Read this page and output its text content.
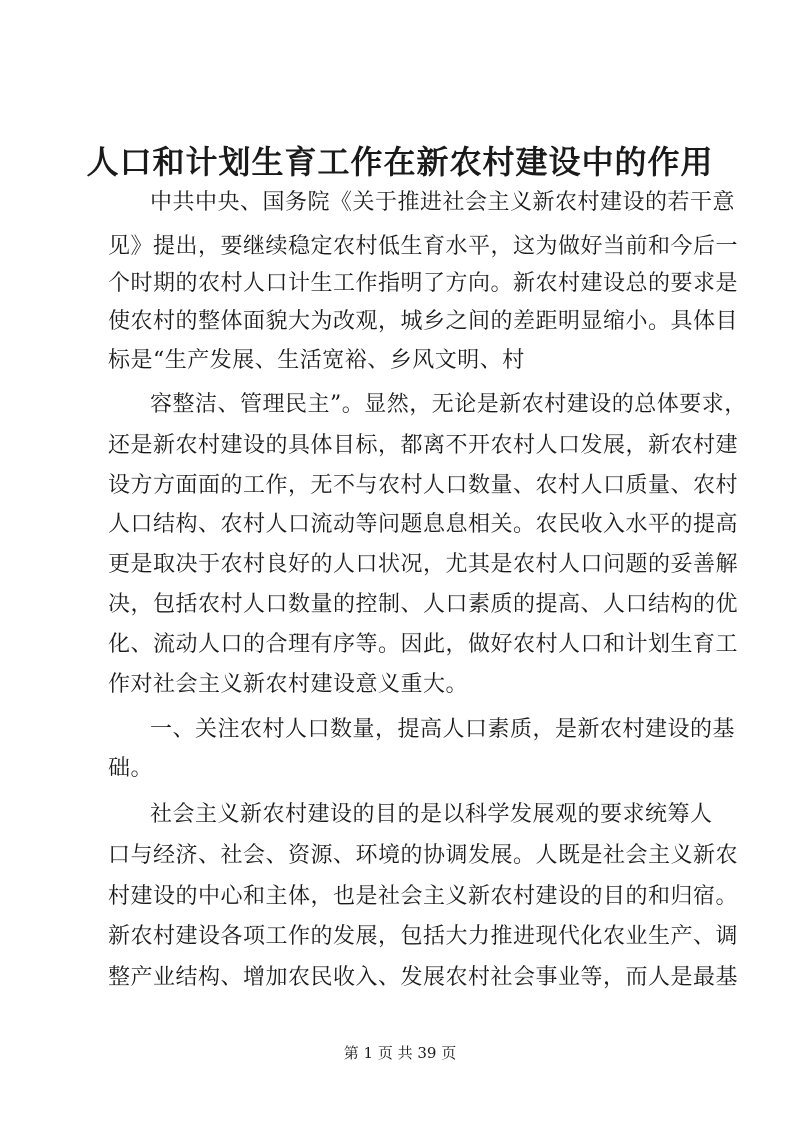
人口和计划生育工作在新农村建设中的作用
中共中央、国务院《关于推进社会主义新农村建设的若干意
见》提出，要继续稳定农村低生育水平，这为做好当前和今后一
个时期的农村人口计生工作指明了方向。新农村建设总的要求是
使农村的整体面貌大为改观，城乡之间的差距明显缩小。具体目
标是“生产发展、生活宽裕、乡风文明、村
容整洁、管理民主”。显然，无论是新农村建设的总体要求，
还是新农村建设的具体目标，都离不开农村人口发展，新农村建
设方方面面的工作，无不与农村人口数量、农村人口质量、农村
人口结构、农村人口流动等问题息息相关。农民收入水平的提高
更是取决于农村良好的人口状况，尤其是农村人口问题的妥善解
决，包括农村人口数量的控制、人口素质的提高、人口结构的优
化、流动人口的合理有序等。因此，做好农村人口和计划生育工
作对社会主义新农村建设意义重大。
一、关注农村人口数量，提高人口素质，是新农村建设的基
础。
社会主义新农村建设的目的是以科学发展观的要求统筹人
口与经济、社会、资源、环境的协调发展。人既是社会主义新农
村建设的中心和主体，也是社会主义新农村建设的目的和归宿。
新农村建设各项工作的发展，包括大力推进现代化农业生产、调
整产业结构、增加农民收入、发展农村社会事业等，而人是最基
第 1 页 共 39 页
